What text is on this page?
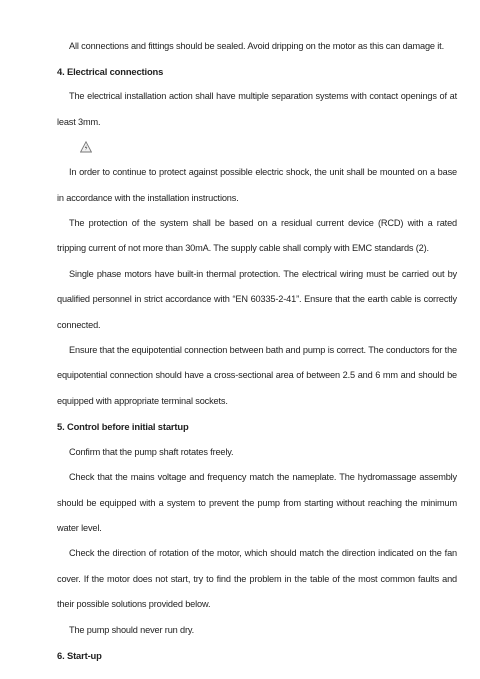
All connections and fittings should be sealed. Avoid dripping on the motor as this can damage it.

4. Electrical connections

The electrical installation action shall have multiple separation systems with contact openings of at least 3mm.

In order to continue to protect against possible electric shock, the unit shall be mounted on a base in accordance with the installation instructions.

The protection of the system shall be based on a residual current device (RCD) with a rated tripping current of not more than 30mA. The supply cable shall comply with EMC standards (2).

Single phase motors have built-in thermal protection. The electrical wiring must be carried out by qualified personnel in strict accordance with “EN 60335-2-41”. Ensure that the earth cable is correctly connected.

Ensure that the equipotential connection between bath and pump is correct. The conductors for the equipotential connection should have a cross-sectional area of between 2.5 and 6 mm and should be equipped with appropriate terminal sockets.

5. Control before initial startup

Confirm that the pump shaft rotates freely.

Check that the mains voltage and frequency match the nameplate. The hydromassage assembly should be equipped with a system to prevent the pump from starting without reaching the minimum water level.

Check the direction of rotation of the motor, which should match the direction indicated on the fan cover. If the motor does not start, try to find the problem in the table of the most common faults and their possible solutions provided below.

The pump should never run dry.

6. Start-up
